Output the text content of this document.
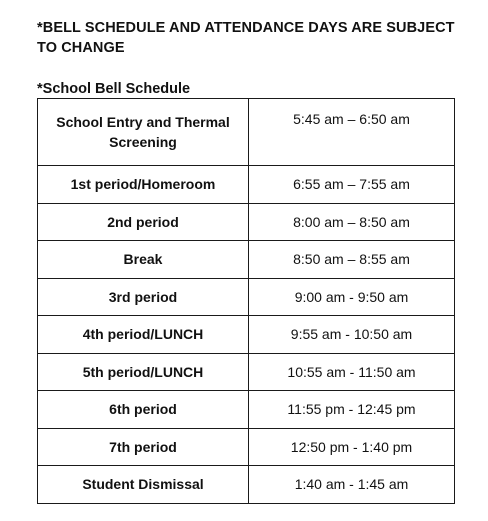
*BELL SCHEDULE AND ATTENDANCE DAYS ARE SUBJECT TO CHANGE
*School Bell Schedule
School Entry and Thermal Screening	5:45 am – 6:50 am
1st period/Homeroom	6:55 am – 7:55 am
2nd period	8:00 am – 8:50 am
Break	8:50 am – 8:55 am
3rd period	9:00 am - 9:50 am
4th period/LUNCH	9:55 am - 10:50 am
5th period/LUNCH	10:55 am - 11:50 am
6th period	11:55 pm - 12:45 pm
7th period	12:50 pm - 1:40 pm
Student Dismissal	1:40 am - 1:45 am
